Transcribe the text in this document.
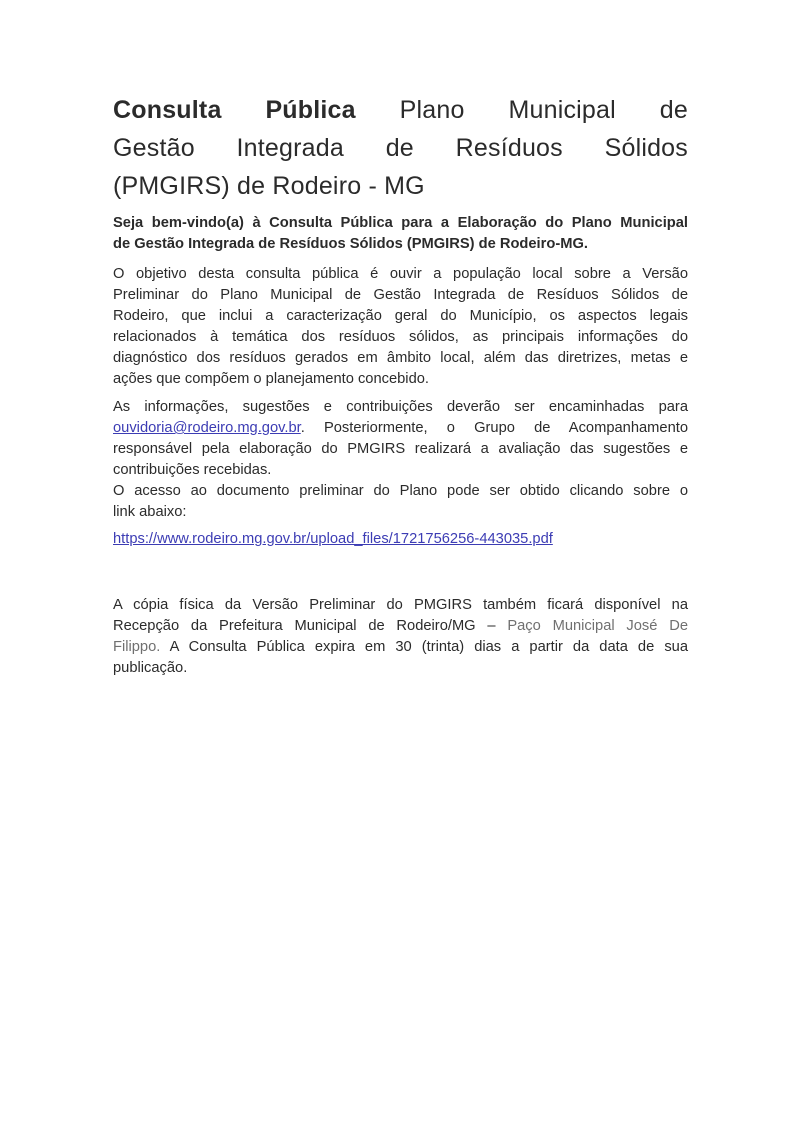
Consulta Pública Plano Municipal de
Gestão Integrada de Resíduos Sólidos
(PMGIRS) de Rodeiro - MG
Seja bem-vindo(a) à Consulta Pública para a Elaboração do Plano Municipal
de Gestão Integrada de Resíduos Sólidos (PMGIRS) de Rodeiro-MG.
O objetivo desta consulta pública é ouvir a população local sobre a Versão
Preliminar do Plano Municipal de Gestão Integrada de Resíduos Sólidos de
Rodeiro, que inclui a caracterização geral do Município, os aspectos legais
relacionados à temática dos resíduos sólidos, as principais informações do
diagnóstico dos resíduos gerados em âmbito local, além das diretrizes, metas e
ações que compõem o planejamento concebido.
As informações, sugestões e contribuições deverão ser encaminhadas para
ouvidoria@rodeiro.mg.gov.br. Posteriormente, o Grupo de Acompanhamento
responsável pela elaboração do PMGIRS realizará a avaliação das sugestões e
contribuições recebidas.
O acesso ao documento preliminar do Plano pode ser obtido clicando sobre o
link abaixo:
https://www.rodeiro.mg.gov.br/upload_files/1721756256-443035.pdf
A cópia física da Versão Preliminar do PMGIRS também ficará disponível na
Recepção da Prefeitura Municipal de Rodeiro/MG – Paço Municipal José De
Filippo. A Consulta Pública expira em 30 (trinta) dias a partir da data de sua
publicação.
